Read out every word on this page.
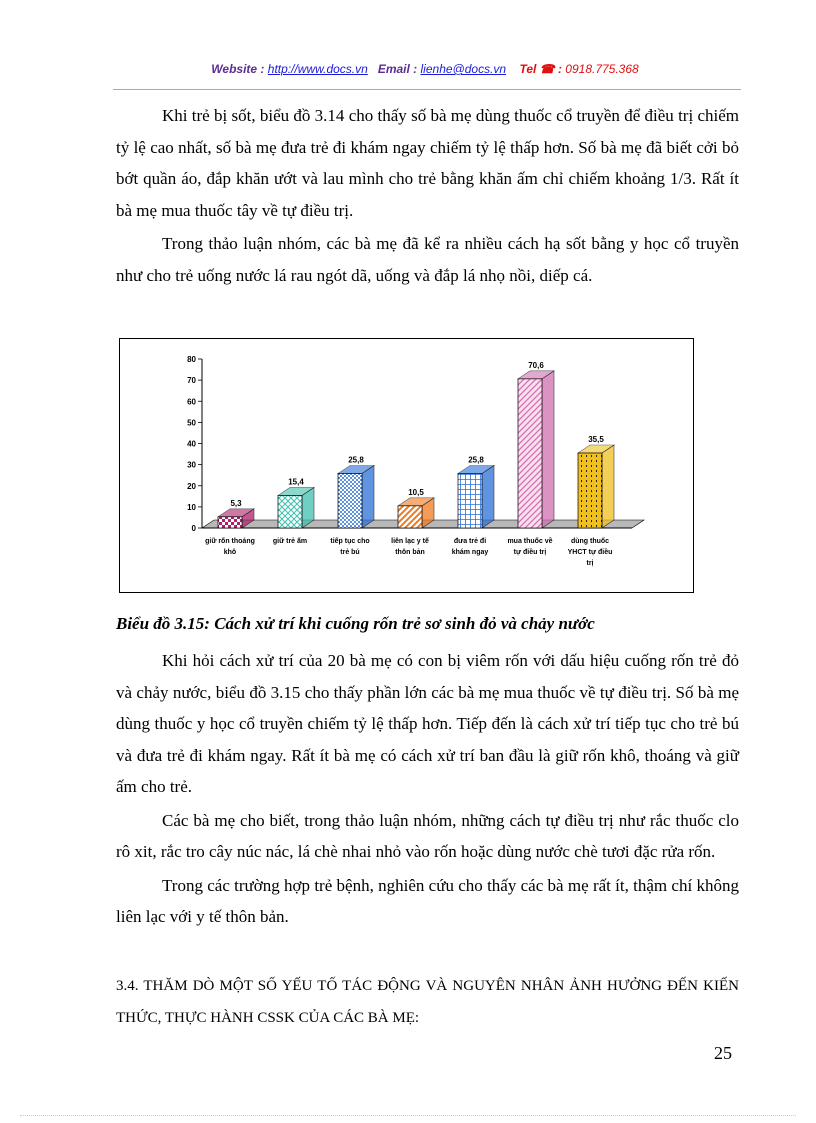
Website : http://www.docs.vn Email : lienhe@docs.vn Tel ☎ : 0918.775.368

Khi trẻ bị sốt, biểu đồ 3.14 cho thấy số bà mẹ dùng thuốc cổ truyền để điều trị chiếm tỷ lệ cao nhất, số bà mẹ đưa trẻ đi khám ngay chiếm tỷ lệ thấp hơn. Số bà mẹ đã biết cởi bỏ bớt quần áo, đắp khăn ướt và lau mình cho trẻ bằng khăn ấm chỉ chiếm khoảng 1/3. Rất ít bà mẹ mua thuốc tây về tự điều trị.

Trong thảo luận nhóm, các bà mẹ đã kể ra nhiều cách hạ sốt bằng y học cổ truyền như cho trẻ uống nước lá rau ngót dã, uống và đắp lá nhọ nồi, diếp cá.

0
10
20
30
40
50
60
70
80
5,3
giữ rốn thoáng khô
15,4
giữ trẻ ấm
25,8
tiếp tục cho trẻ bú
10,5
liên lạc y tế thôn bản
25,8
đưa trẻ đi khám ngay
70,6
mua thuốc về tự điều trị
35,5
dùng thuốc YHCT tự điều trị
Biểu đồ 3.15: Cách xử trí khi cuống rốn trẻ sơ sinh đỏ và chảy nước

Khi hỏi cách xử trí của 20 bà mẹ có con bị viêm rốn với dấu hiệu cuống rốn trẻ đỏ và chảy nước, biểu đồ 3.15 cho thấy phần lớn các bà mẹ mua thuốc về tự điều trị. Số bà mẹ dùng thuốc y học cổ truyền chiếm tỷ lệ thấp hơn. Tiếp đến là cách xử trí tiếp tục cho trẻ bú và đưa trẻ đi khám ngay. Rất ít bà mẹ có cách xử trí ban đầu là giữ rốn khô, thoáng và giữ ấm cho trẻ.

Các bà mẹ cho biết, trong thảo luận nhóm, những cách tự điều trị như rắc thuốc clo rô xit, rắc tro cây núc nác, lá chè nhai nhỏ vào rốn hoặc dùng nước chè tươi đặc rửa rốn.

Trong các trường hợp trẻ bệnh, nghiên cứu cho thấy các bà mẹ rất ít, thậm chí không liên lạc với y tế thôn bản.

3.4. THĂM DÒ MỘT SỐ YẾU TỐ TÁC ĐỘNG VÀ NGUYÊN NHÂN ẢNH HƯỞNG ĐẾN KIẾN THỨC, THỰC HÀNH CSSK CỦA CÁC BÀ MẸ:

25
